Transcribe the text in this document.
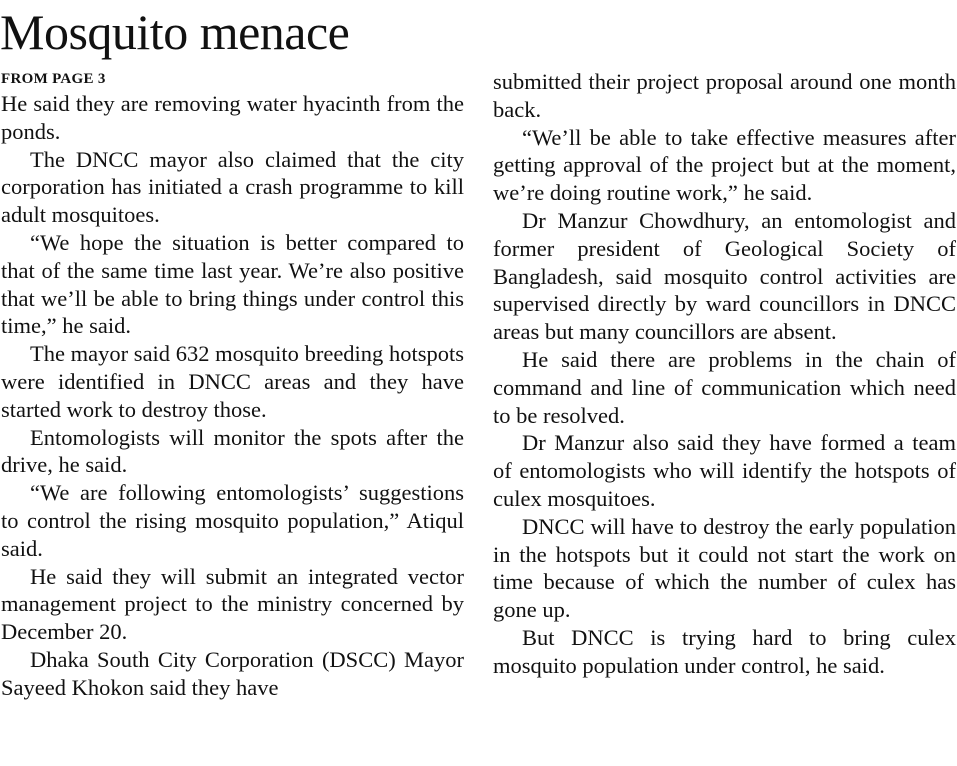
Mosquito menace
FROM PAGE 3

He said they are removing water hyacinth from the ponds.

The DNCC mayor also claimed that the city corporation has initiated a crash programme to kill adult mosquitoes.

“We hope the situation is better compared to that of the same time last year. We’re also positive that we’ll be able to bring things under control this time,” he said.

The mayor said 632 mosquito breeding hotspots were identified in DNCC areas and they have started work to destroy those.

Entomologists will monitor the spots after the drive, he said.

“We are following entomologists’ suggestions to control the rising mosquito population,” Atiqul said.

He said they will submit an integrated vector management project to the ministry concerned by December 20.

Dhaka South City Corporation (DSCC) Mayor Sayeed Khokon said they have

submitted their project proposal around one month back.

“We’ll be able to take effective measures after getting approval of the project but at the moment, we’re doing routine work,” he said.

Dr Manzur Chowdhury, an entomologist and former president of Geological Society of Bangladesh, said mosquito control activities are supervised directly by ward councillors in DNCC areas but many councillors are absent.

He said there are problems in the chain of command and line of communication which need to be resolved.

Dr Manzur also said they have formed a team of entomologists who will identify the hotspots of culex mosquitoes.

DNCC will have to destroy the early population in the hotspots but it could not start the work on time because of which the number of culex has gone up.

But DNCC is trying hard to bring culex mosquito population under control, he said.
